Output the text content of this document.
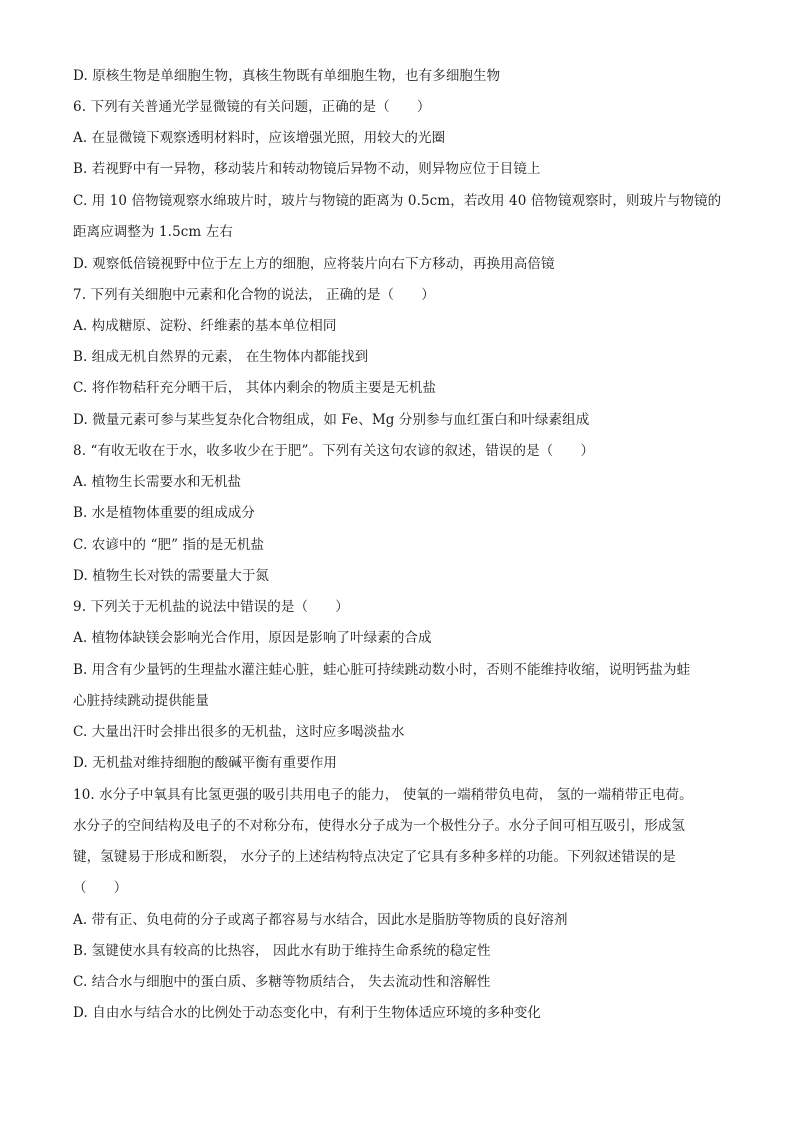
D. 原核生物是单细胞生物，真核生物既有单细胞生物，也有多细胞生物
6. 下列有关普通光学显微镜的有关问题，正确的是（　　）
A. 在显微镜下观察透明材料时，应该增强光照，用较大的光圈
B. 若视野中有一异物，移动装片和转动物镜后异物不动，则异物应位于目镜上
C. 用 10 倍物镜观察水绵玻片时，玻片与物镜的距离为 0.5cm，若改用 40 倍物镜观察时，则玻片与物镜的
距离应调整为 1.5cm 左右
D. 观察低倍镜视野中位于左上方的细胞，应将装片向右下方移动，再换用高倍镜
7. 下列有关细胞中元素和化合物的说法， 正确的是（　　）
A. 构成糖原、淀粉、纤维素的基本单位相同
B. 组成无机自然界的元素， 在生物体内都能找到
C. 将作物秸秆充分晒干后， 其体内剩余的物质主要是无机盐
D. 微量元素可参与某些复杂化合物组成，如 Fe、Mg 分别参与血红蛋白和叶绿素组成
8. “有收无收在于水，收多收少在于肥”。下列有关这句农谚的叙述，错误的是（　　）
A. 植物生长需要水和无机盐
B. 水是植物体重要的组成成分
C. 农谚中的 “肥” 指的是无机盐
D. 植物生长对铁的需要量大于氮
9. 下列关于无机盐的说法中错误的是（　　）
A. 植物体缺镁会影响光合作用，原因是影响了叶绿素的合成
B. 用含有少量钙的生理盐水灌注蛙心脏，蛙心脏可持续跳动数小时，否则不能维持收缩，说明钙盐为蛙
心脏持续跳动提供能量
C. 大量出汗时会排出很多的无机盐，这时应多喝淡盐水
D. 无机盐对维持细胞的酸碱平衡有重要作用
10. 水分子中氧具有比氢更强的吸引共用电子的能力， 使氧的一端稍带负电荷， 氢的一端稍带正电荷。
水分子的空间结构及电子的不对称分布，使得水分子成为一个极性分子。水分子间可相互吸引，形成氢
键，氢键易于形成和断裂， 水分子的上述结构特点决定了它具有多种多样的功能。下列叙述错误的是
（　　）
A. 带有正、负电荷的分子或离子都容易与水结合，因此水是脂肪等物质的良好溶剂
B. 氢键使水具有较高的比热容， 因此水有助于维持生命系统的稳定性
C. 结合水与细胞中的蛋白质、多糖等物质结合， 失去流动性和溶解性
D. 自由水与结合水的比例处于动态变化中，有利于生物体适应环境的多种变化
